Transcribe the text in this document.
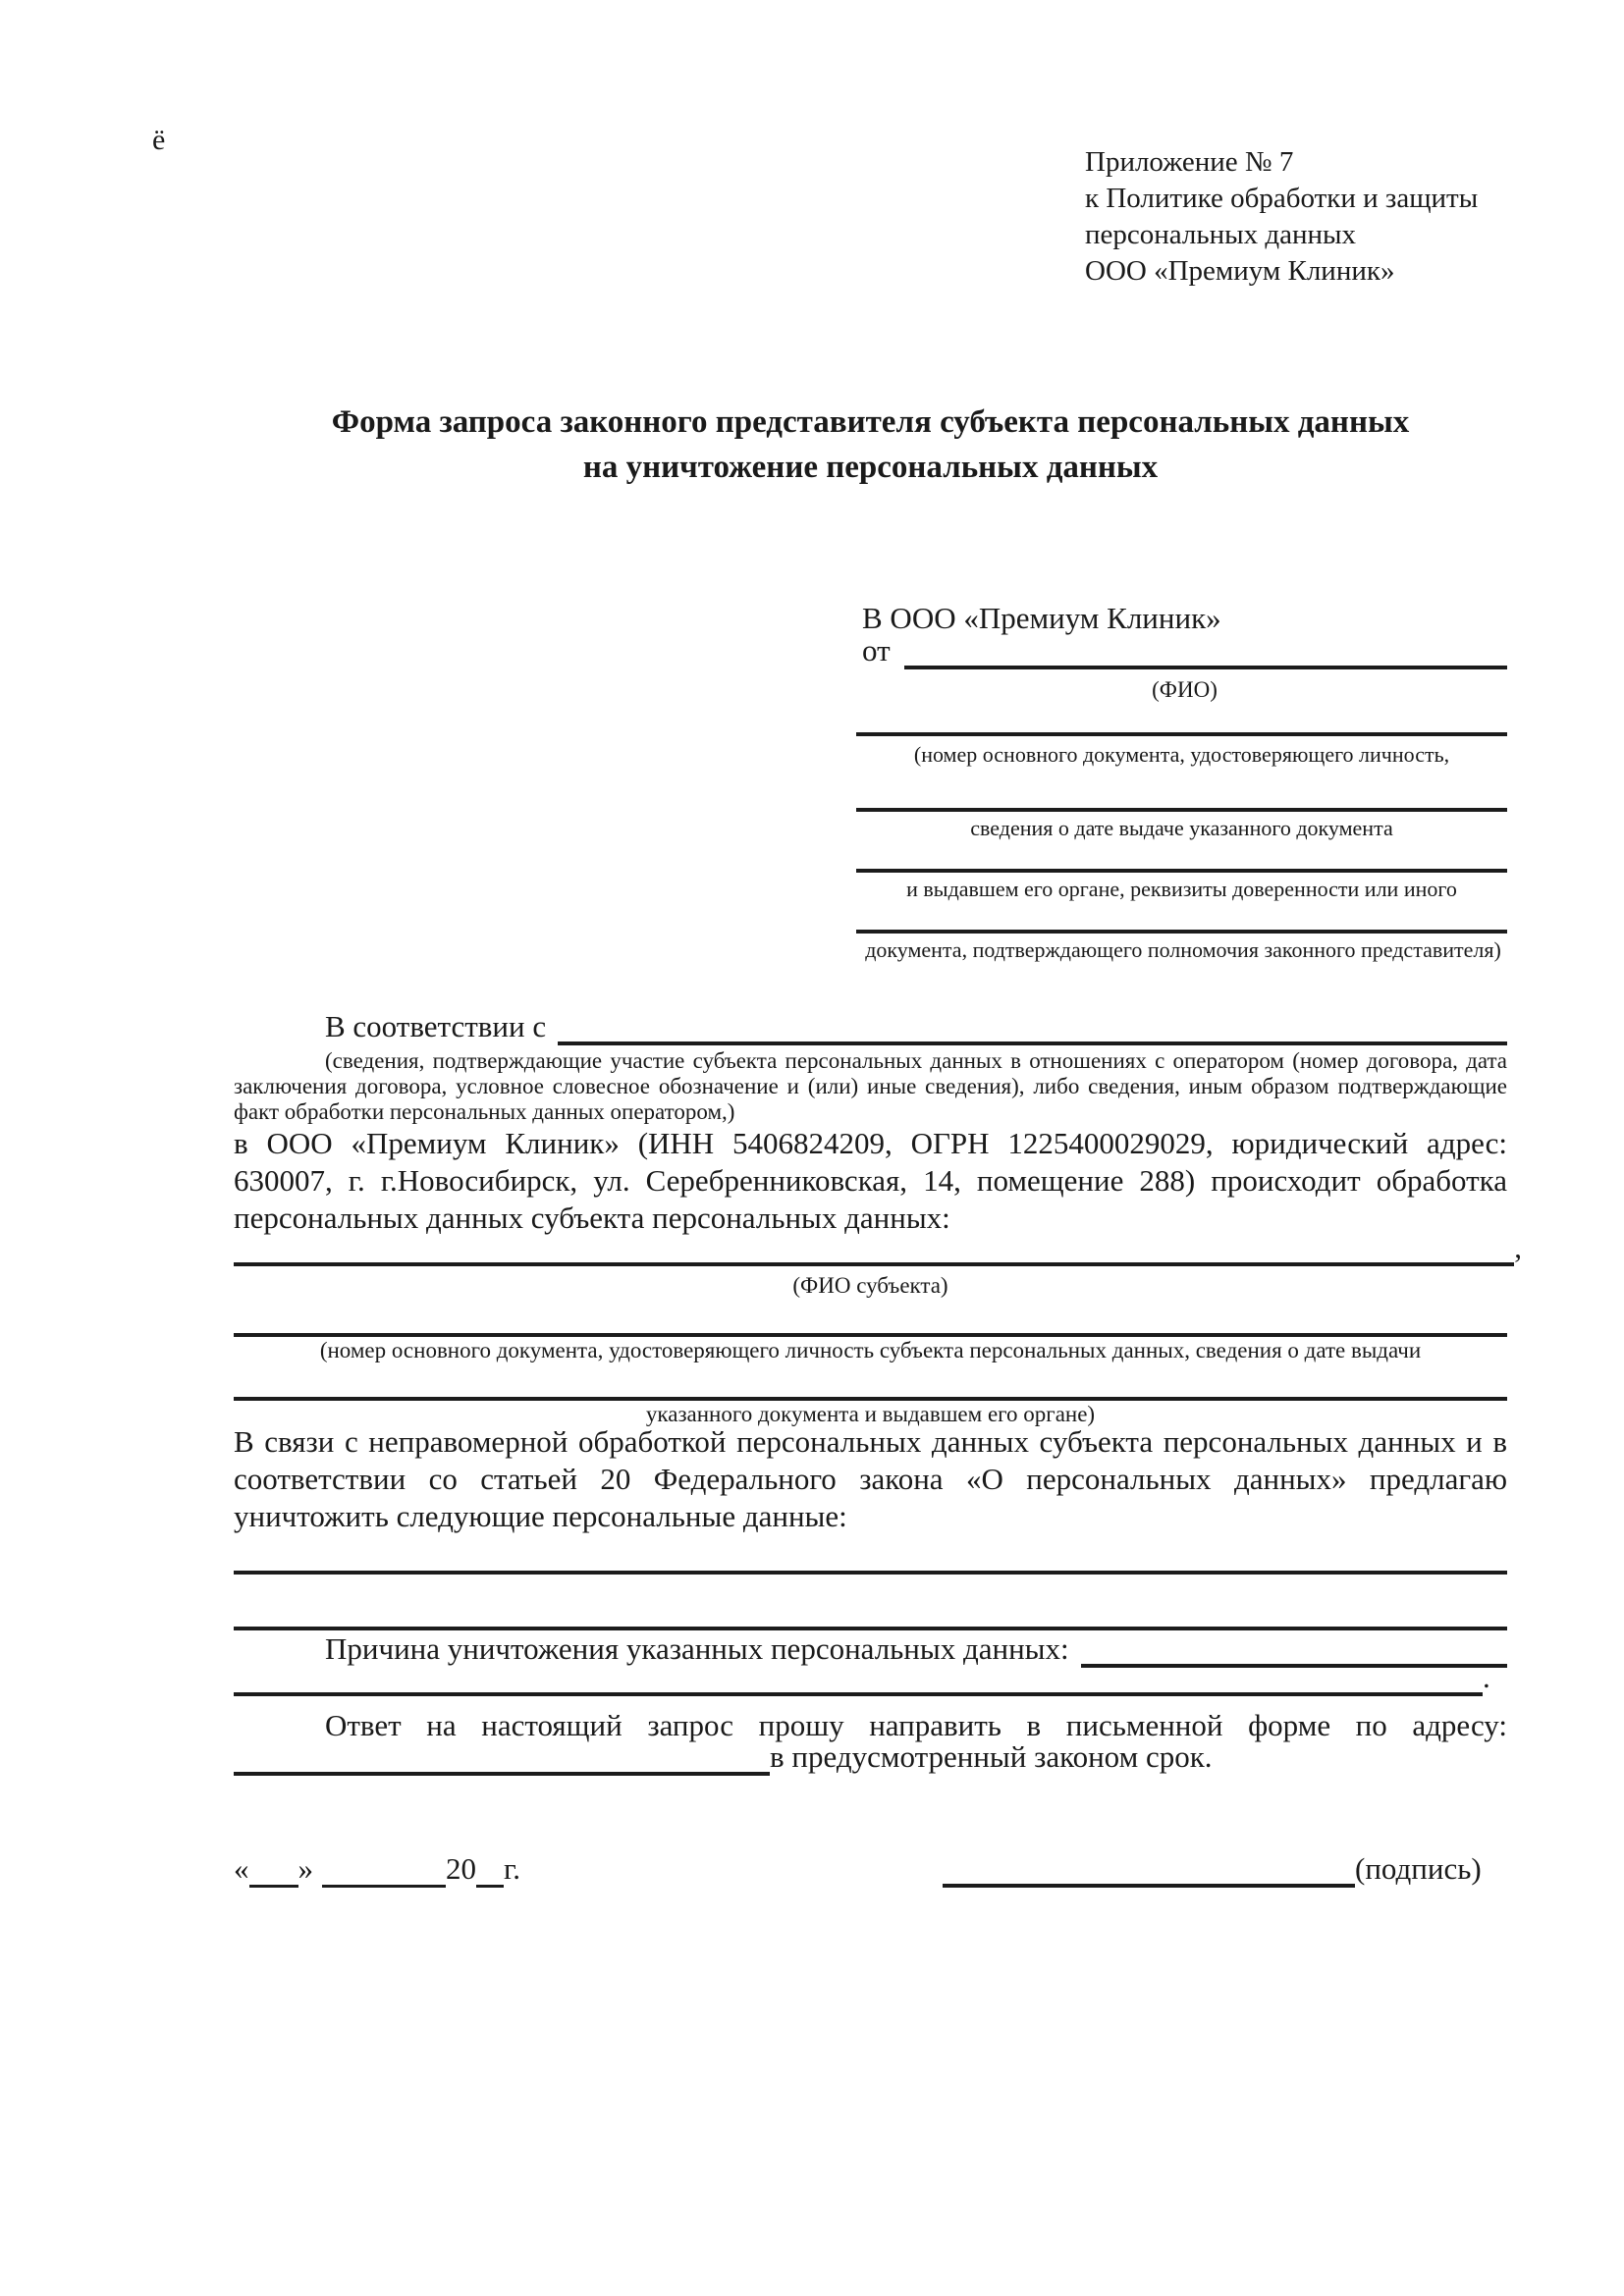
ё
Приложение № 7
к Политике обработки и защиты
персональных данных
ООО «Премиум Клиник»
Форма запроса законного представителя субъекта персональных данных
на уничтожение персональных данных
В ООО «Премиум Клиник»
от
(ФИО)
(номер основного документа, удостоверяющего личность,
сведения о дате выдаче указанного документа
и выдавшем его органе, реквизиты доверенности или иного
документа, подтверждающего полномочия законного представителя)
В соответствии с
(сведения, подтверждающие участие субъекта персональных данных в отношениях с оператором (номер договора, дата заключения договора, условное словесное обозначение и (или) иные сведения), либо сведения, иным образом подтверждающие факт обработки персональных данных оператором,)
в ООО «Премиум Клиник» (ИНН 5406824209, ОГРН 1225400029029, юридический адрес: 630007, г. г.Новосибирск, ул. Серебренниковская, 14, помещение 288) происходит обработка персональных данных субъекта персональных данных:
,
(ФИО субъекта)
(номер основного документа, удостоверяющего личность субъекта персональных данных, сведения о дате выдачи
указанного документа и выдавшем его органе)
В связи с неправомерной обработкой персональных данных субъекта персональных данных и в соответствии со статьей 20 Федерального закона «О персональных данных» предлагаю уничтожить следующие персональные данные:
Причина уничтожения указанных персональных данных:
.
Ответ на настоящий запрос прошу направить в письменной форме по адресу:
в предусмотренный законом срок.
« »	20 г.	(подпись)
